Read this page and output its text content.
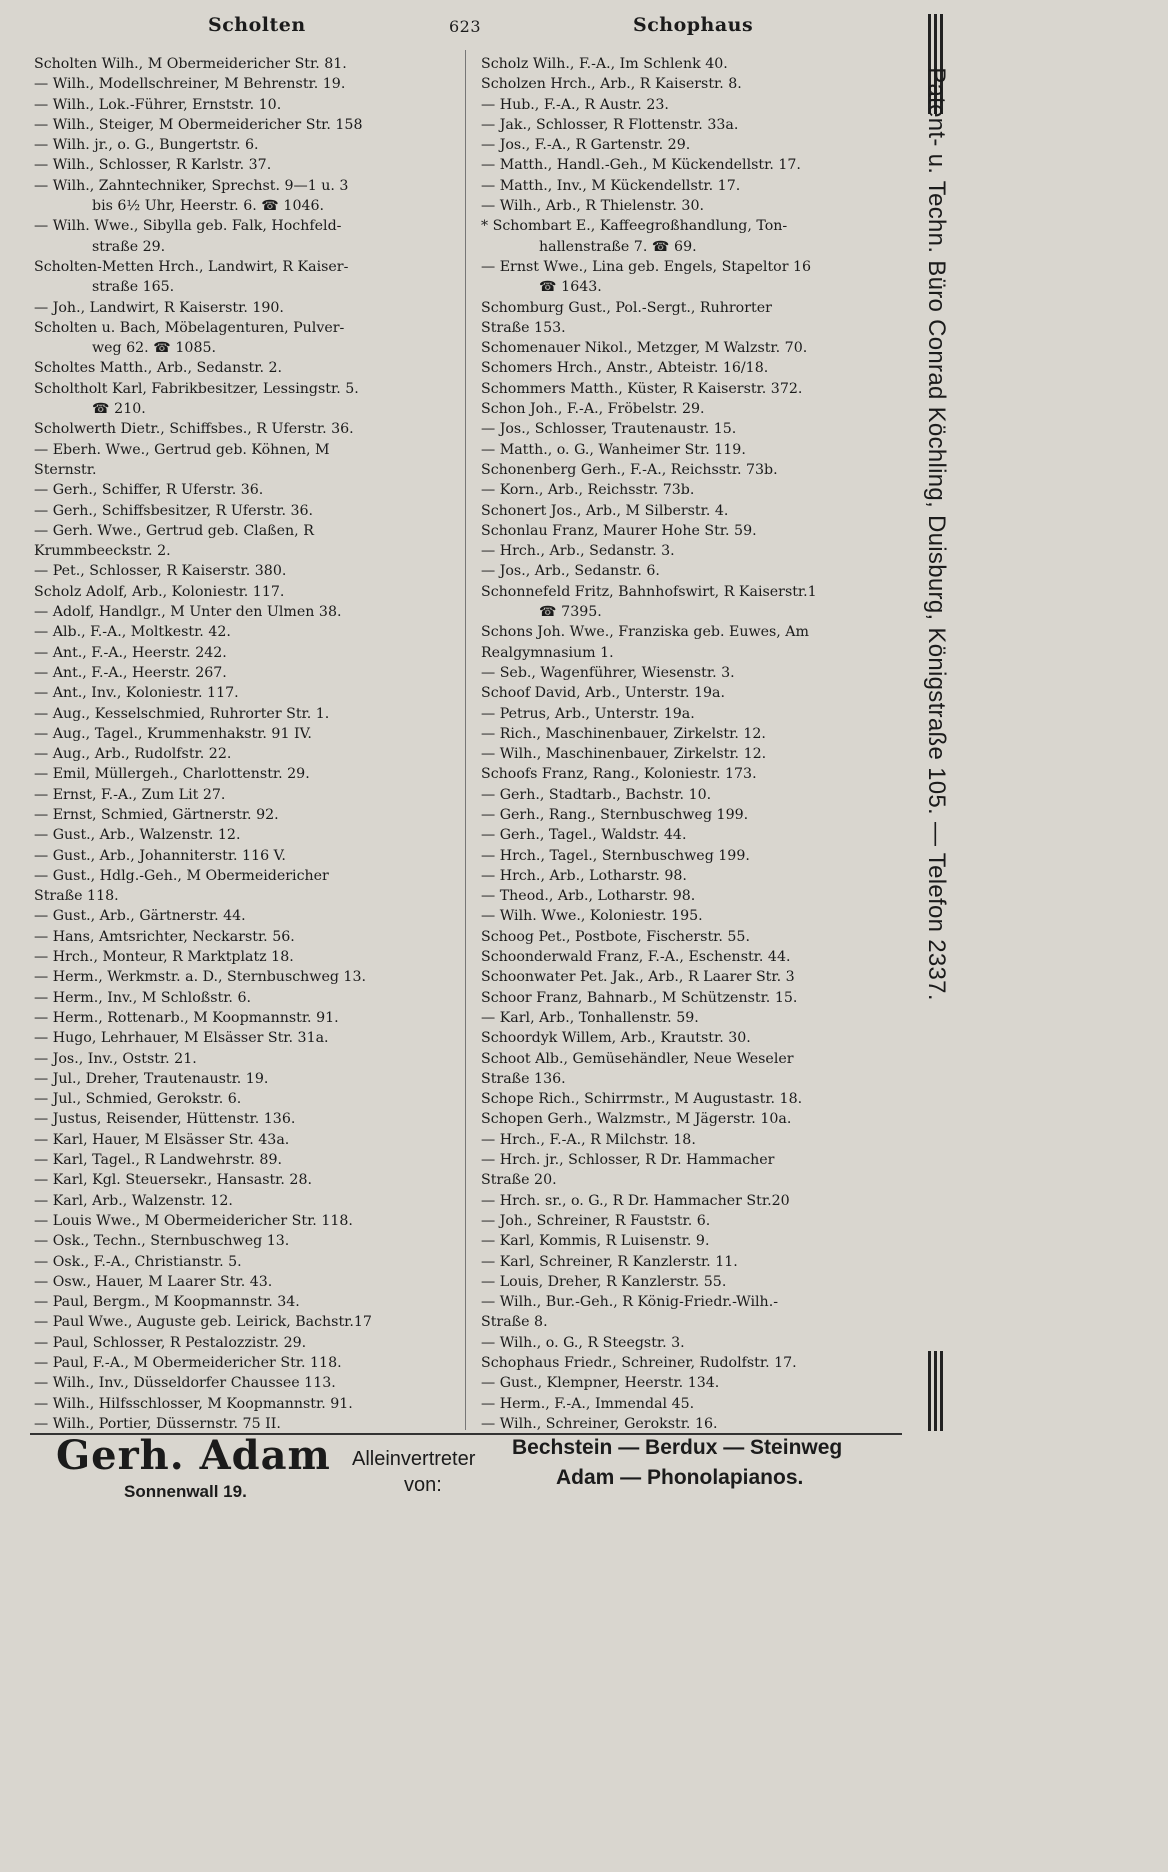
Scholten	623	Schophaus
Scholten Wilh., M Obermeidericher Str. 81.
— Wilh., Modellschreiner, M Behrenstr. 19.
— Wilh., Lok.-Führer, Ernststr. 10.
— Wilh., Steiger, M Obermeidericher Str. 158
— Wilh. jr., o. G., Bungertstr. 6.
— Wilh., Schlosser, R Karlstr. 37.
— Wilh., Zahntechniker, Sprechst. 9—1 u. 3
bis 6½ Uhr, Heerstr. 6. ☎ 1046.
— Wilh. Wwe., Sibylla geb. Falk, Hochfeld-
straße 29.
Scholten-Metten Hrch., Landwirt, R Kaiser-
straße 165.
— Joh., Landwirt, R Kaiserstr. 190.
Scholten u. Bach, Möbelagenturen, Pulver-
weg 62. ☎ 1085.
Scholtes Matth., Arb., Sedanstr. 2.
Scholtholt Karl, Fabrikbesitzer, Lessingstr. 5.
☎ 210.
Scholwerth Dietr., Schiffsbes., R Uferstr. 36.
— Eberh. Wwe., Gertrud geb. Köhnen, M
Sternstr.
— Gerh., Schiffer, R Uferstr. 36.
— Gerh., Schiffsbesitzer, R Uferstr. 36.
— Gerh. Wwe., Gertrud geb. Claßen, R
Krummbeeckstr. 2.
— Pet., Schlosser, R Kaiserstr. 380.
Scholz Adolf, Arb., Koloniestr. 117.
— Adolf, Handlgr., M Unter den Ulmen 38.
— Alb., F.-A., Moltkestr. 42.
— Ant., F.-A., Heerstr. 242.
— Ant., F.-A., Heerstr. 267.
— Ant., Inv., Koloniestr. 117.
— Aug., Kesselschmied, Ruhrorter Str. 1.
— Aug., Tagel., Krummenhakstr. 91 IV.
— Aug., Arb., Rudolfstr. 22.
— Emil, Müllergeh., Charlottenstr. 29.
— Ernst, F.-A., Zum Lit 27.
— Ernst, Schmied, Gärtnerstr. 92.
— Gust., Arb., Walzenstr. 12.
— Gust., Arb., Johanniterstr. 116 V.
— Gust., Hdlg.-Geh., M Obermeidericher
Straße 118.
— Gust., Arb., Gärtnerstr. 44.
— Hans, Amtsrichter, Neckarstr. 56.
— Hrch., Monteur, R Marktplatz 18.
— Herm., Werkmstr. a. D., Sternbuschweg 13.
— Herm., Inv., M Schloßstr. 6.
— Herm., Rottenarb., M Koopmannstr. 91.
— Hugo, Lehrhauer, M Elsässer Str. 31a.
— Jos., Inv., Oststr. 21.
— Jul., Dreher, Trautenaustr. 19.
— Jul., Schmied, Gerokstr. 6.
— Justus, Reisender, Hüttenstr. 136.
— Karl, Hauer, M Elsässer Str. 43a.
— Karl, Tagel., R Landwehrstr. 89.
— Karl, Kgl. Steuersekr., Hansastr. 28.
— Karl, Arb., Walzenstr. 12.
— Louis Wwe., M Obermeidericher Str. 118.
— Osk., Techn., Sternbuschweg 13.
— Osk., F.-A., Christianstr. 5.
— Osw., Hauer, M Laarer Str. 43.
— Paul, Bergm., M Koopmannstr. 34.
— Paul Wwe., Auguste geb. Leirick, Bachstr.17
— Paul, Schlosser, R Pestalozzistr. 29.
— Paul, F.-A., M Obermeidericher Str. 118.
— Wilh., Inv., Düsseldorfer Chaussee 113.
— Wilh., Hilfsschlosser, M Koopmannstr. 91.
— Wilh., Portier, Düssernstr. 75 II.
Scholz Wilh., F.-A., Im Schlenk 40.
Scholzen Hrch., Arb., R Kaiserstr. 8.
— Hub., F.-A., R Austr. 23.
— Jak., Schlosser, R Flottenstr. 33a.
— Jos., F.-A., R Gartenstr. 29.
— Matth., Handl.-Geh., M Kückendellstr. 17.
— Matth., Inv., M Kückendellstr. 17.
— Wilh., Arb., R Thielenstr. 30.
* Schombart E., Kaffeegroßhandlung, Ton-
hallenstraße 7. ☎ 69.
— Ernst Wwe., Lina geb. Engels, Stapeltor 16
☎ 1643.
Schomburg Gust., Pol.-Sergt., Ruhrorter
Straße 153.
Schomenauer Nikol., Metzger, M Walzstr. 70.
Schomers Hrch., Anstr., Abteistr. 16/18.
Schommers Matth., Küster, R Kaiserstr. 372.
Schon Joh., F.-A., Fröbelstr. 29.
— Jos., Schlosser, Trautenaustr. 15.
— Matth., o. G., Wanheimer Str. 119.
Schonenberg Gerh., F.-A., Reichsstr. 73b.
— Korn., Arb., Reichsstr. 73b.
Schonert Jos., Arb., M Silberstr. 4.
Schonlau Franz, Maurer Hohe Str. 59.
— Hrch., Arb., Sedanstr. 3.
— Jos., Arb., Sedanstr. 6.
Schonnefeld Fritz, Bahnhofswirt, R Kaiserstr.1
☎ 7395.
Schons Joh. Wwe., Franziska geb. Euwes, Am
Realgymnasium 1.
— Seb., Wagenführer, Wiesenstr. 3.
Schoof David, Arb., Unterstr. 19a.
— Petrus, Arb., Unterstr. 19a.
— Rich., Maschinenbauer, Zirkelstr. 12.
— Wilh., Maschinenbauer, Zirkelstr. 12.
Schoofs Franz, Rang., Koloniestr. 173.
— Gerh., Stadtarb., Bachstr. 10.
— Gerh., Rang., Sternbuschweg 199.
— Gerh., Tagel., Waldstr. 44.
— Hrch., Tagel., Sternbuschweg 199.
— Hrch., Arb., Lotharstr. 98.
— Theod., Arb., Lotharstr. 98.
— Wilh. Wwe., Koloniestr. 195.
Schoog Pet., Postbote, Fischerstr. 55.
Schoonderwald Franz, F.-A., Eschenstr. 44.
Schoonwater Pet. Jak., Arb., R Laarer Str. 3
Schoor Franz, Bahnarb., M Schützenstr. 15.
— Karl, Arb., Tonhallenstr. 59.
Schoordyk Willem, Arb., Krautstr. 30.
Schoot Alb., Gemüsehändler, Neue Weseler
Straße 136.
Schope Rich., Schirrmstr., M Augustastr. 18.
Schopen Gerh., Walzmstr., M Jägerstr. 10a.
— Hrch., F.-A., R Milchstr. 18.
— Hrch. jr., Schlosser, R Dr. Hammacher
Straße 20.
— Hrch. sr., o. G., R Dr. Hammacher Str.20
— Joh., Schreiner, R Fauststr. 6.
— Karl, Kommis, R Luisenstr. 9.
— Karl, Schreiner, R Kanzlerstr. 11.
— Louis, Dreher, R Kanzlerstr. 55.
— Wilh., Bur.-Geh., R König-Friedr.-Wilh.-
Straße 8.
— Wilh., o. G., R Steegstr. 3.
Schophaus Friedr., Schreiner, Rudolfstr. 17.
— Gust., Klempner, Heerstr. 134.
— Herm., F.-A., Immendal 45.
— Wilh., Schreiner, Gerokstr. 16.
Patent- u. Techn. Büro Conrad Köchling, Duisburg, Königstraße 105. — Telefon 2337.
Gerh. Adam
Sonnenwall 19.
Alleinvertreter
von:
Bechstein — Berdux — Steinweg
Adam — Phonolapianos.
